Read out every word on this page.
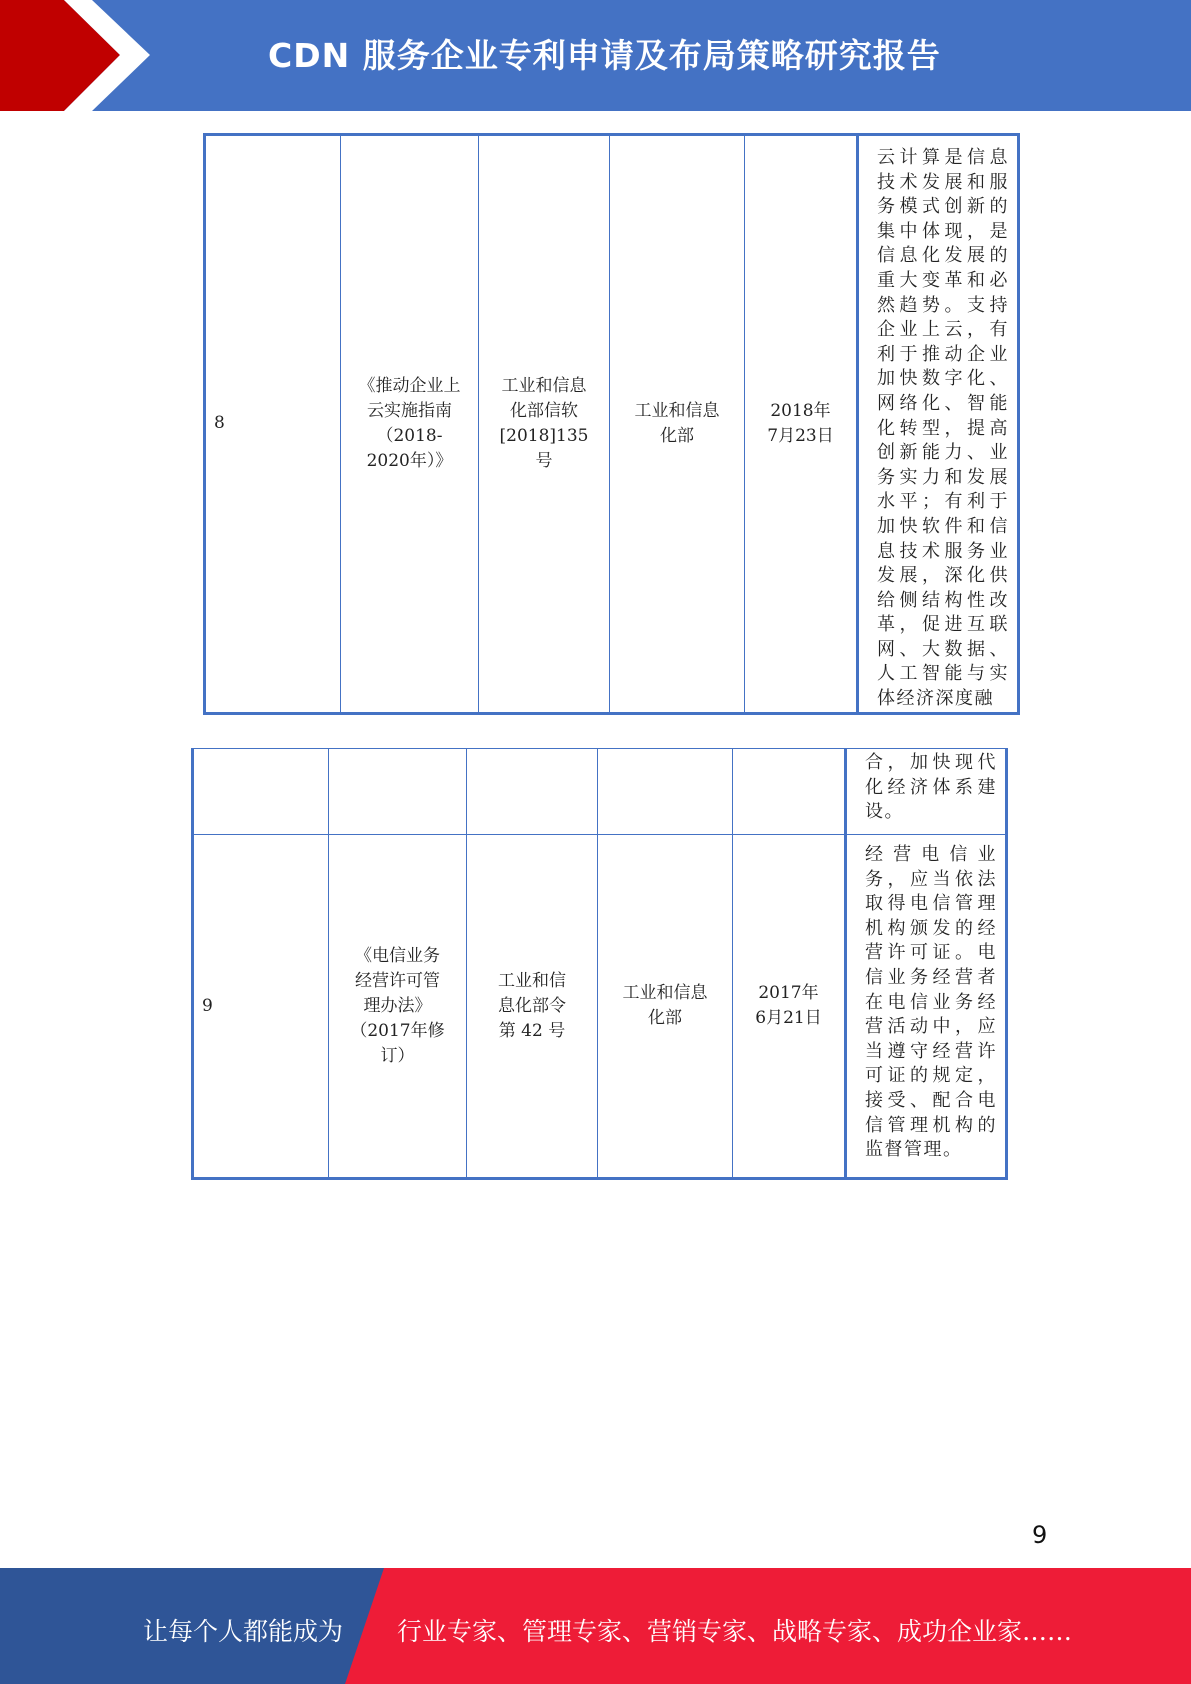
CDN 服务企业专利申请及布局策略研究报告
8	《推动企业上云实施指南（2018-2020年）》	工业和信息化部信软[2018]135号	工业和信息化部	2018年7月23日	云计算是信息技术发展和服务模式创新的集中体现，是信息化发展的重大变革和必然趋势。支持企业上云，有利于推动企业加快数字化、网络化、智能化转型，提高创新能力、业务实力和发展水平；有利于加快软件和信息技术服务业发展，深化供给侧结构性改革，促进互联网、大数据、人工智能与实体经济深度融
					合，加快现代化经济体系建设。
9	《电信业务经营许可管理办法》（2017年修订）	工业和信息化部令第 42 号	工业和信息化部	2017年6月21日	经营电信业务，应当依法取得电信管理机构颁发的经营许可证。电信业务经营者在电信业务经营活动中，应当遵守经营许可证的规定，接受、配合电信管理机构的监督管理。
9
让每个人都能成为 行业专家、管理专家、营销专家、战略专家、成功企业家……
